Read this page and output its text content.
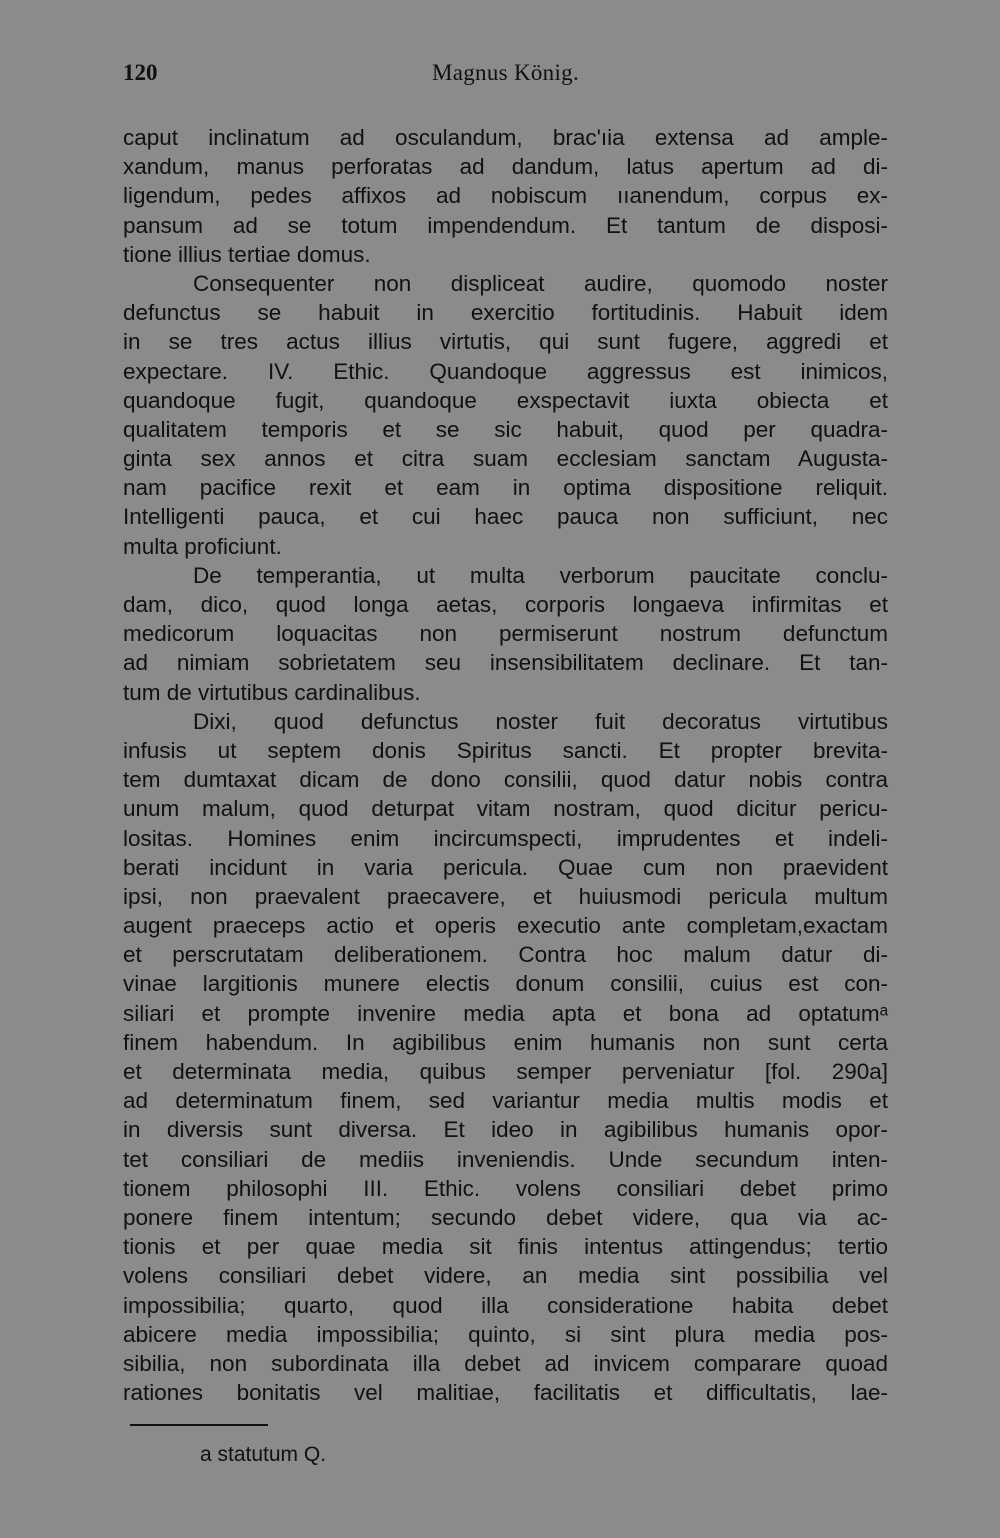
120	Magnus König.
caput inclinatum ad osculandum, brac'ıia extensa ad ample-
xandum, manus perforatas ad dandum, latus apertum ad di-
ligendum, pedes affixos ad nobiscum ııanendum, corpus ex-
pansum ad se totum impendendum. Et tantum de disposi-
tione illius tertiae domus.
Consequenter non displiceat audire, quomodo noster
defunctus se habuit in exercitio fortitudinis. Habuit idem
in se tres actus illius virtutis, qui sunt fugere, aggredi et
expectare. IV. Ethic. Quandoque aggressus est inimicos,
quandoque fugit, quandoque exspectavit iuxta obiecta et
qualitatem temporis et se sic habuit, quod per quadra-
ginta sex annos et citra suam ecclesiam sanctam Augusta-
nam pacifice rexit et eam in optima dispositione reliquit.
Intelligenti pauca, et cui haec pauca non sufficiunt, nec
multa proficiunt.
De temperantia, ut multa verborum paucitate conclu-
dam, dico, quod longa aetas, corporis longaeva infirmitas et
medicorum loquacitas non permiserunt nostrum defunctum
ad nimiam sobrietatem seu insensibilitatem declinare. Et tan-
tum de virtutibus cardinalibus.
Dixi, quod defunctus noster fuit decoratus virtutibus
infusis ut septem donis Spiritus sancti. Et propter brevita-
tem dumtaxat dicam de dono consilii, quod datur nobis contra
unum malum, quod deturpat vitam nostram, quod dicitur pericu-
lositas. Homines enim incircumspecti, imprudentes et indeli-
berati incidunt in varia pericula. Quae cum non praevident
ipsi, non praevalent praecavere, et huiusmodi pericula multum
augent praeceps actio et operis executio ante completam,exactam
et perscrutatam deliberationem. Contra hoc malum datur di-
vinae largitionis munere electis donum consilii, cuius est con-
siliari et prompte invenire media apta et bona ad optatumᵃ
finem habendum. In agibilibus enim humanis non sunt certa
et determinata media, quibus semper perveniatur [fol. 290a]
ad determinatum finem, sed variantur media multis modis et
in diversis sunt diversa. Et ideo in agibilibus humanis opor-
tet consiliari de mediis inveniendis. Unde secundum inten-
tionem philosophi III. Ethic. volens consiliari debet primo
ponere finem intentum; secundo debet videre, qua via ac-
tionis et per quae media sit finis intentus attingendus; tertio
volens consiliari debet videre, an media sint possibilia vel
impossibilia; quarto, quod illa consideratione habita debet
abicere media impossibilia; quinto, si sint plura media pos-
sibilia, non subordinata illa debet ad invicem comparare quoad
rationes bonitatis vel malitiae, facilitatis et difficultatis, lae-
a statutum Q.
